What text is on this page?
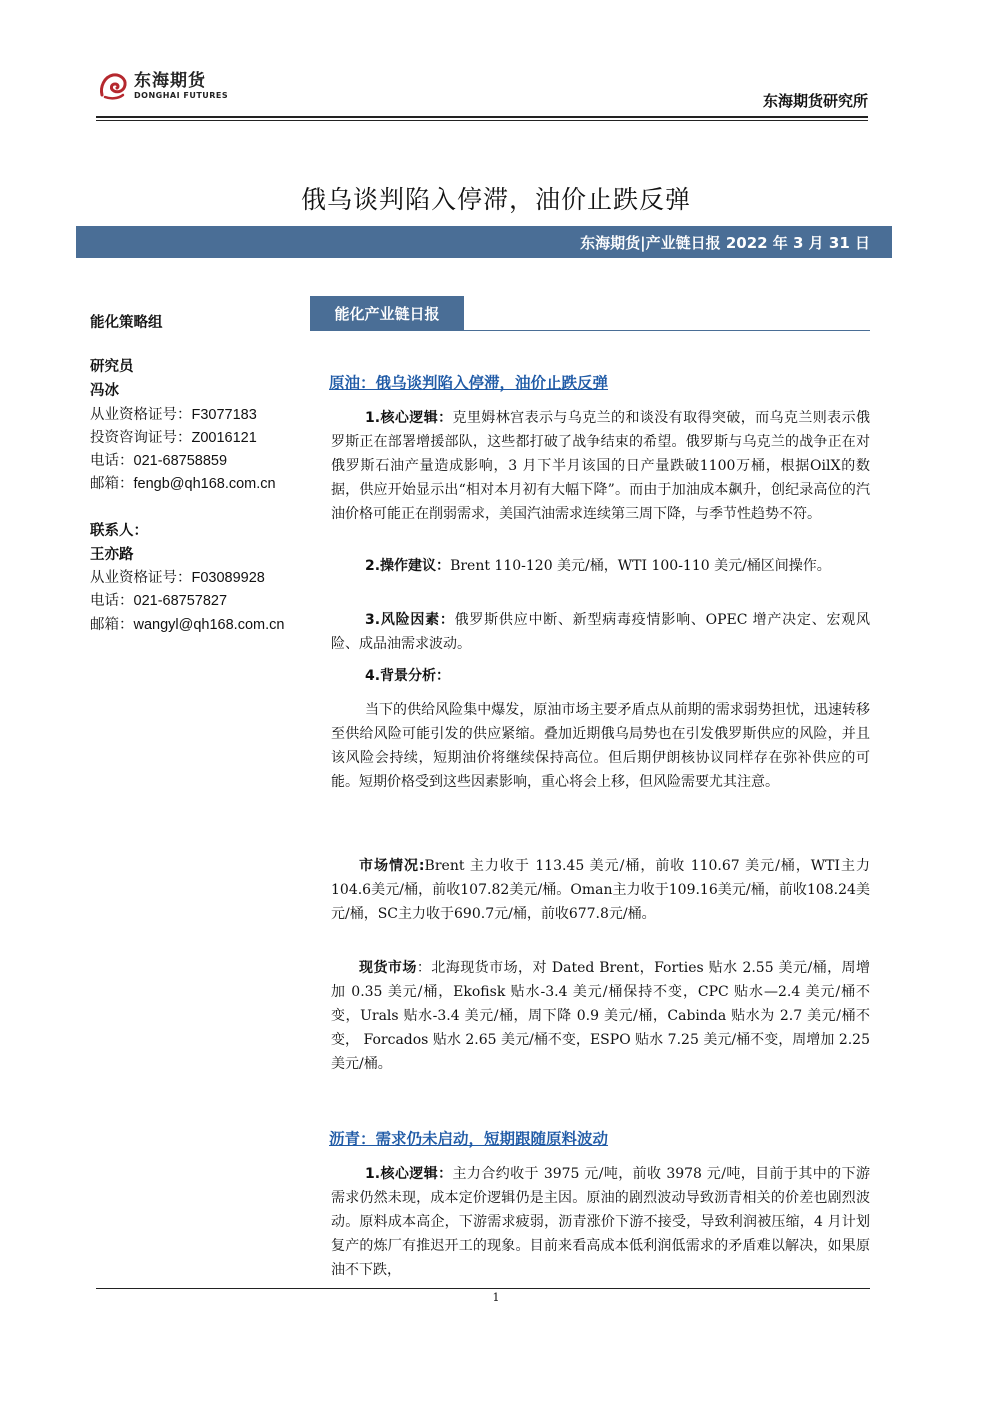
东海期货
DONGHAI FUTURES	东海期货研究所
俄乌谈判陷入停滞，油价止跌反弹
东海期货|产业链日报 2022 年 3 月 31 日
能化策略组
研究员
冯冰
从业资格证号：F3077183
投资咨询证号：Z0016121
电话：021-68758859
邮箱：fengb@qh168.com.cn
联系人：
王亦路
从业资格证号：F03089928
电话：021-68757827
邮箱：wangyl@qh168.com.cn
能化产业链日报
原油：俄乌谈判陷入停滞，油价止跌反弹
1.核心逻辑：克里姆林宫表示与乌克兰的和谈没有取得突破，而乌克兰则表示俄罗斯正在部署增援部队，这些都打破了战争结束的希望。俄罗斯与乌克兰的战争正在对俄罗斯石油产量造成影响，3 月下半月该国的日产量跌破1100万桶，根据OilX的数据，供应开始显示出“相对本月初有大幅下降”。而由于加油成本飙升，创纪录高位的汽油价格可能正在削弱需求，美国汽油需求连续第三周下降，与季节性趋势不符。
2.操作建议：Brent 110-120 美元/桶，WTI 100-110 美元/桶区间操作。
3.风险因素：俄罗斯供应中断、新型病毒疫情影响、OPEC 增产决定、宏观风险、成品油需求波动。
4.背景分析：
当下的供给风险集中爆发，原油市场主要矛盾点从前期的需求弱势担忧，迅速转移至供给风险可能引发的供应紧缩。叠加近期俄乌局势也在引发俄罗斯供应的风险，并且该风险会持续，短期油价将继续保持高位。但后期伊朗核协议同样存在弥补供应的可能。短期价格受到这些因素影响，重心将会上移，但风险需要尤其注意。
市场情况:Brent 主力收于 113.45 美元/桶，前收 110.67 美元/桶，WTI主力104.6美元/桶，前收107.82美元/桶。Oman主力收于109.16美元/桶，前收108.24美元/桶，SC主力收于690.7元/桶，前收677.8元/桶。
现货市场：北海现货市场，对 Dated Brent，Forties 贴水 2.55 美元/桶，周增加 0.35 美元/桶，Ekofisk 贴水-3.4 美元/桶保持不变，CPC 贴水—2.4 美元/桶不变，Urals 贴水-3.4 美元/桶，周下降 0.9 美元/桶，Cabinda 贴水为 2.7 美元/桶不变， Forcados 贴水 2.65 美元/桶不变，ESPO 贴水 7.25 美元/桶不变，周增加 2.25 美元/桶。
沥青：需求仍未启动，短期跟随原料波动
1.核心逻辑：主力合约收于 3975 元/吨，前收 3978 元/吨，目前于其中的下游需求仍然未现，成本定价逻辑仍是主因。原油的剧烈波动导致沥青相关的价差也剧烈波动。原料成本高企，下游需求疲弱，沥青涨价下游不接受，导致利润被压缩，4 月计划复产的炼厂有推迟开工的现象。目前来看高成本低利润低需求的矛盾难以解决，如果原油不下跌，
1
